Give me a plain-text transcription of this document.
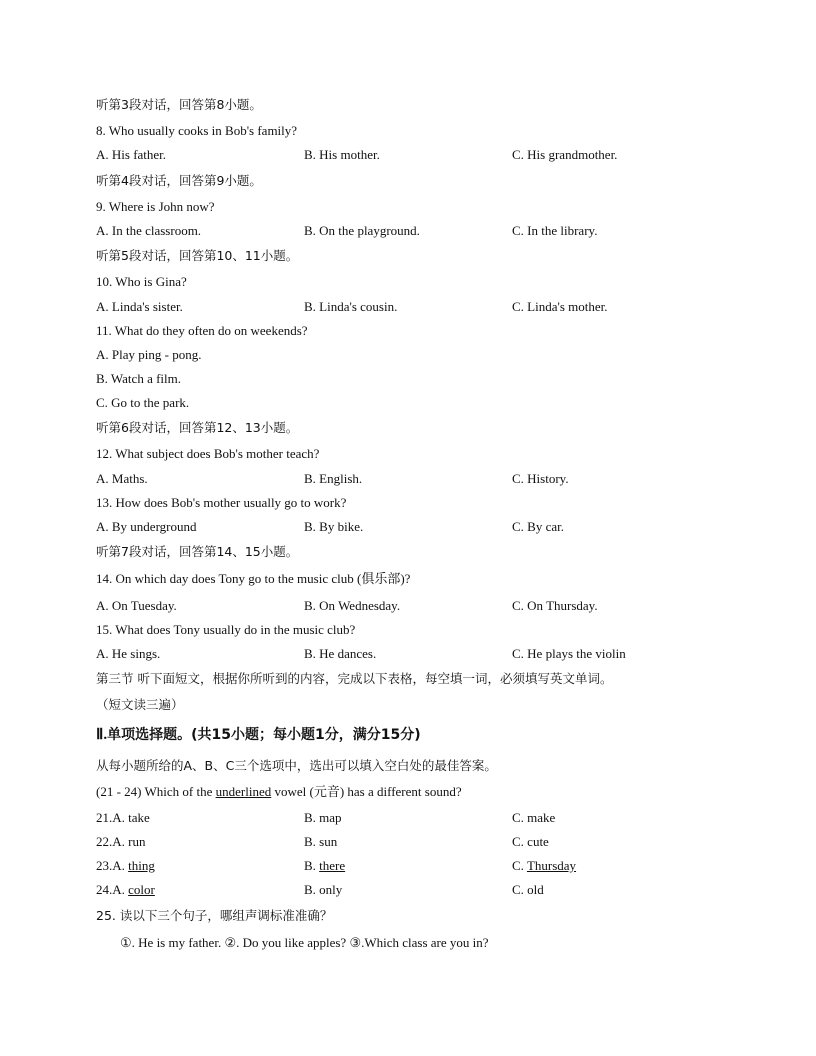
听第3段对话，回答第8小题。
8. Who usually cooks in Bob's family?
A. His father.	B. His mother.	C. His grandmother.
听第4段对话，回答第9小题。
9. Where is John now?
A. In the classroom.	B. On the playground.	C. In the library.
听第5段对话，回答第10、11小题。
10. Who is Gina?
A. Linda's sister.	B. Linda's cousin.	C. Linda's mother.
11. What do they often do on weekends?
A. Play ping - pong.
B. Watch a film.
C. Go to the park.
听第6段对话，回答第12、13小题。
12. What subject does Bob's mother teach?
A. Maths.	B. English.	C. History.
13. How does Bob's mother usually go to work?
A. By underground	B. By bike.	C. By car.
听第7段对话，回答第14、15小题。
14. On which day does Tony go to the music club (俱乐部)?
A. On Tuesday.	B. On Wednesday.	C. On Thursday.
15. What does Tony usually do in the music club?
A. He sings.	B. He dances.	C. He plays the violin
第三节 听下面短文，根据你所听到的内容，完成以下表格，每空填一词，必须填写英文单词。
（短文读三遍）
Ⅱ.单项选择题。(共15小题；每小题1分，满分15分)
从每小题所给的A、B、C三个选项中，选出可以填入空白处的最佳答案。
(21 - 24) Which of the underlined vowel (元音) has a different sound?
21.A. take	B. map	C. make
22.A. run	B. sun	C. cute
23.A. thing	B. there	C. Thursday
24.A. color	B. only	C. old
25. 读以下三个句子，哪组声调标准准确？
①. He is my father. ②. Do you like apples? ③.Which class are you in?
